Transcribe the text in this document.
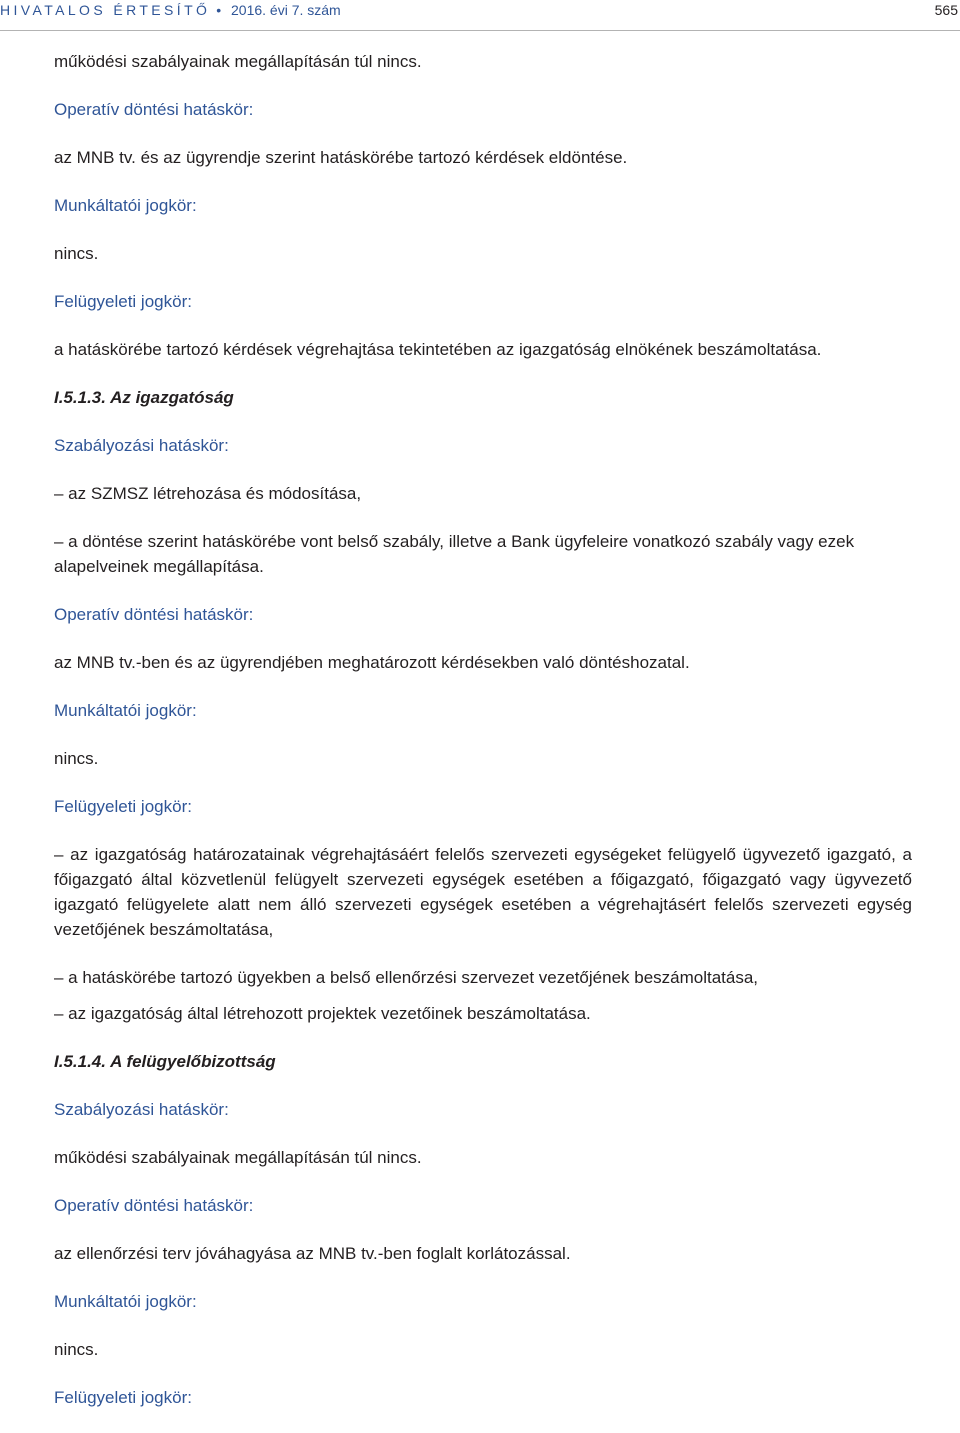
HIVATALOS ÉRTESÍTŐ • 2016. évi 7. szám	565

működési szabályainak megállapításán túl nincs.

Operatív döntési hatáskör:

az MNB tv. és az ügyrendje szerint hatáskörébe tartozó kérdések eldöntése.

Munkáltatói jogkör:

nincs.

Felügyeleti jogkör:

a hatáskörébe tartozó kérdések végrehajtása tekintetében az igazgatóság elnökének beszámoltatása.

I.5.1.3. Az igazgatóság

Szabályozási hatáskör:

– az SZMSZ létrehozása és módosítása,

– a döntése szerint hatáskörébe vont belső szabály, illetve a Bank ügyfeleire vonatkozó szabály vagy ezek alapelveinek megállapítása.

Operatív döntési hatáskör:

az MNB tv.-ben és az ügyrendjében meghatározott kérdésekben való döntéshozatal.

Munkáltatói jogkör:

nincs.

Felügyeleti jogkör:

– az igazgatóság határozatainak végrehajtásáért felelős szervezeti egységeket felügyelő ügyvezető igazgató, a főigazgató által közvetlenül felügyelt szervezeti egységek esetében a főigazgató, főigazgató vagy ügyvezető igazgató felügyelete alatt nem álló szervezeti egységek esetében a végrehajtásért felelős szervezeti egység vezetőjének beszámoltatása,

– a hatáskörébe tartozó ügyekben a belső ellenőrzési szervezet vezetőjének beszámoltatása,

– az igazgatóság által létrehozott projektek vezetőinek beszámoltatása.

I.5.1.4. A felügyelőbizottság

Szabályozási hatáskör:

működési szabályainak megállapításán túl nincs.

Operatív döntési hatáskör:

az ellenőrzési terv jóváhagyása az MNB tv.-ben foglalt korlátozással.

Munkáltatói jogkör:

nincs.

Felügyeleti jogkör:
